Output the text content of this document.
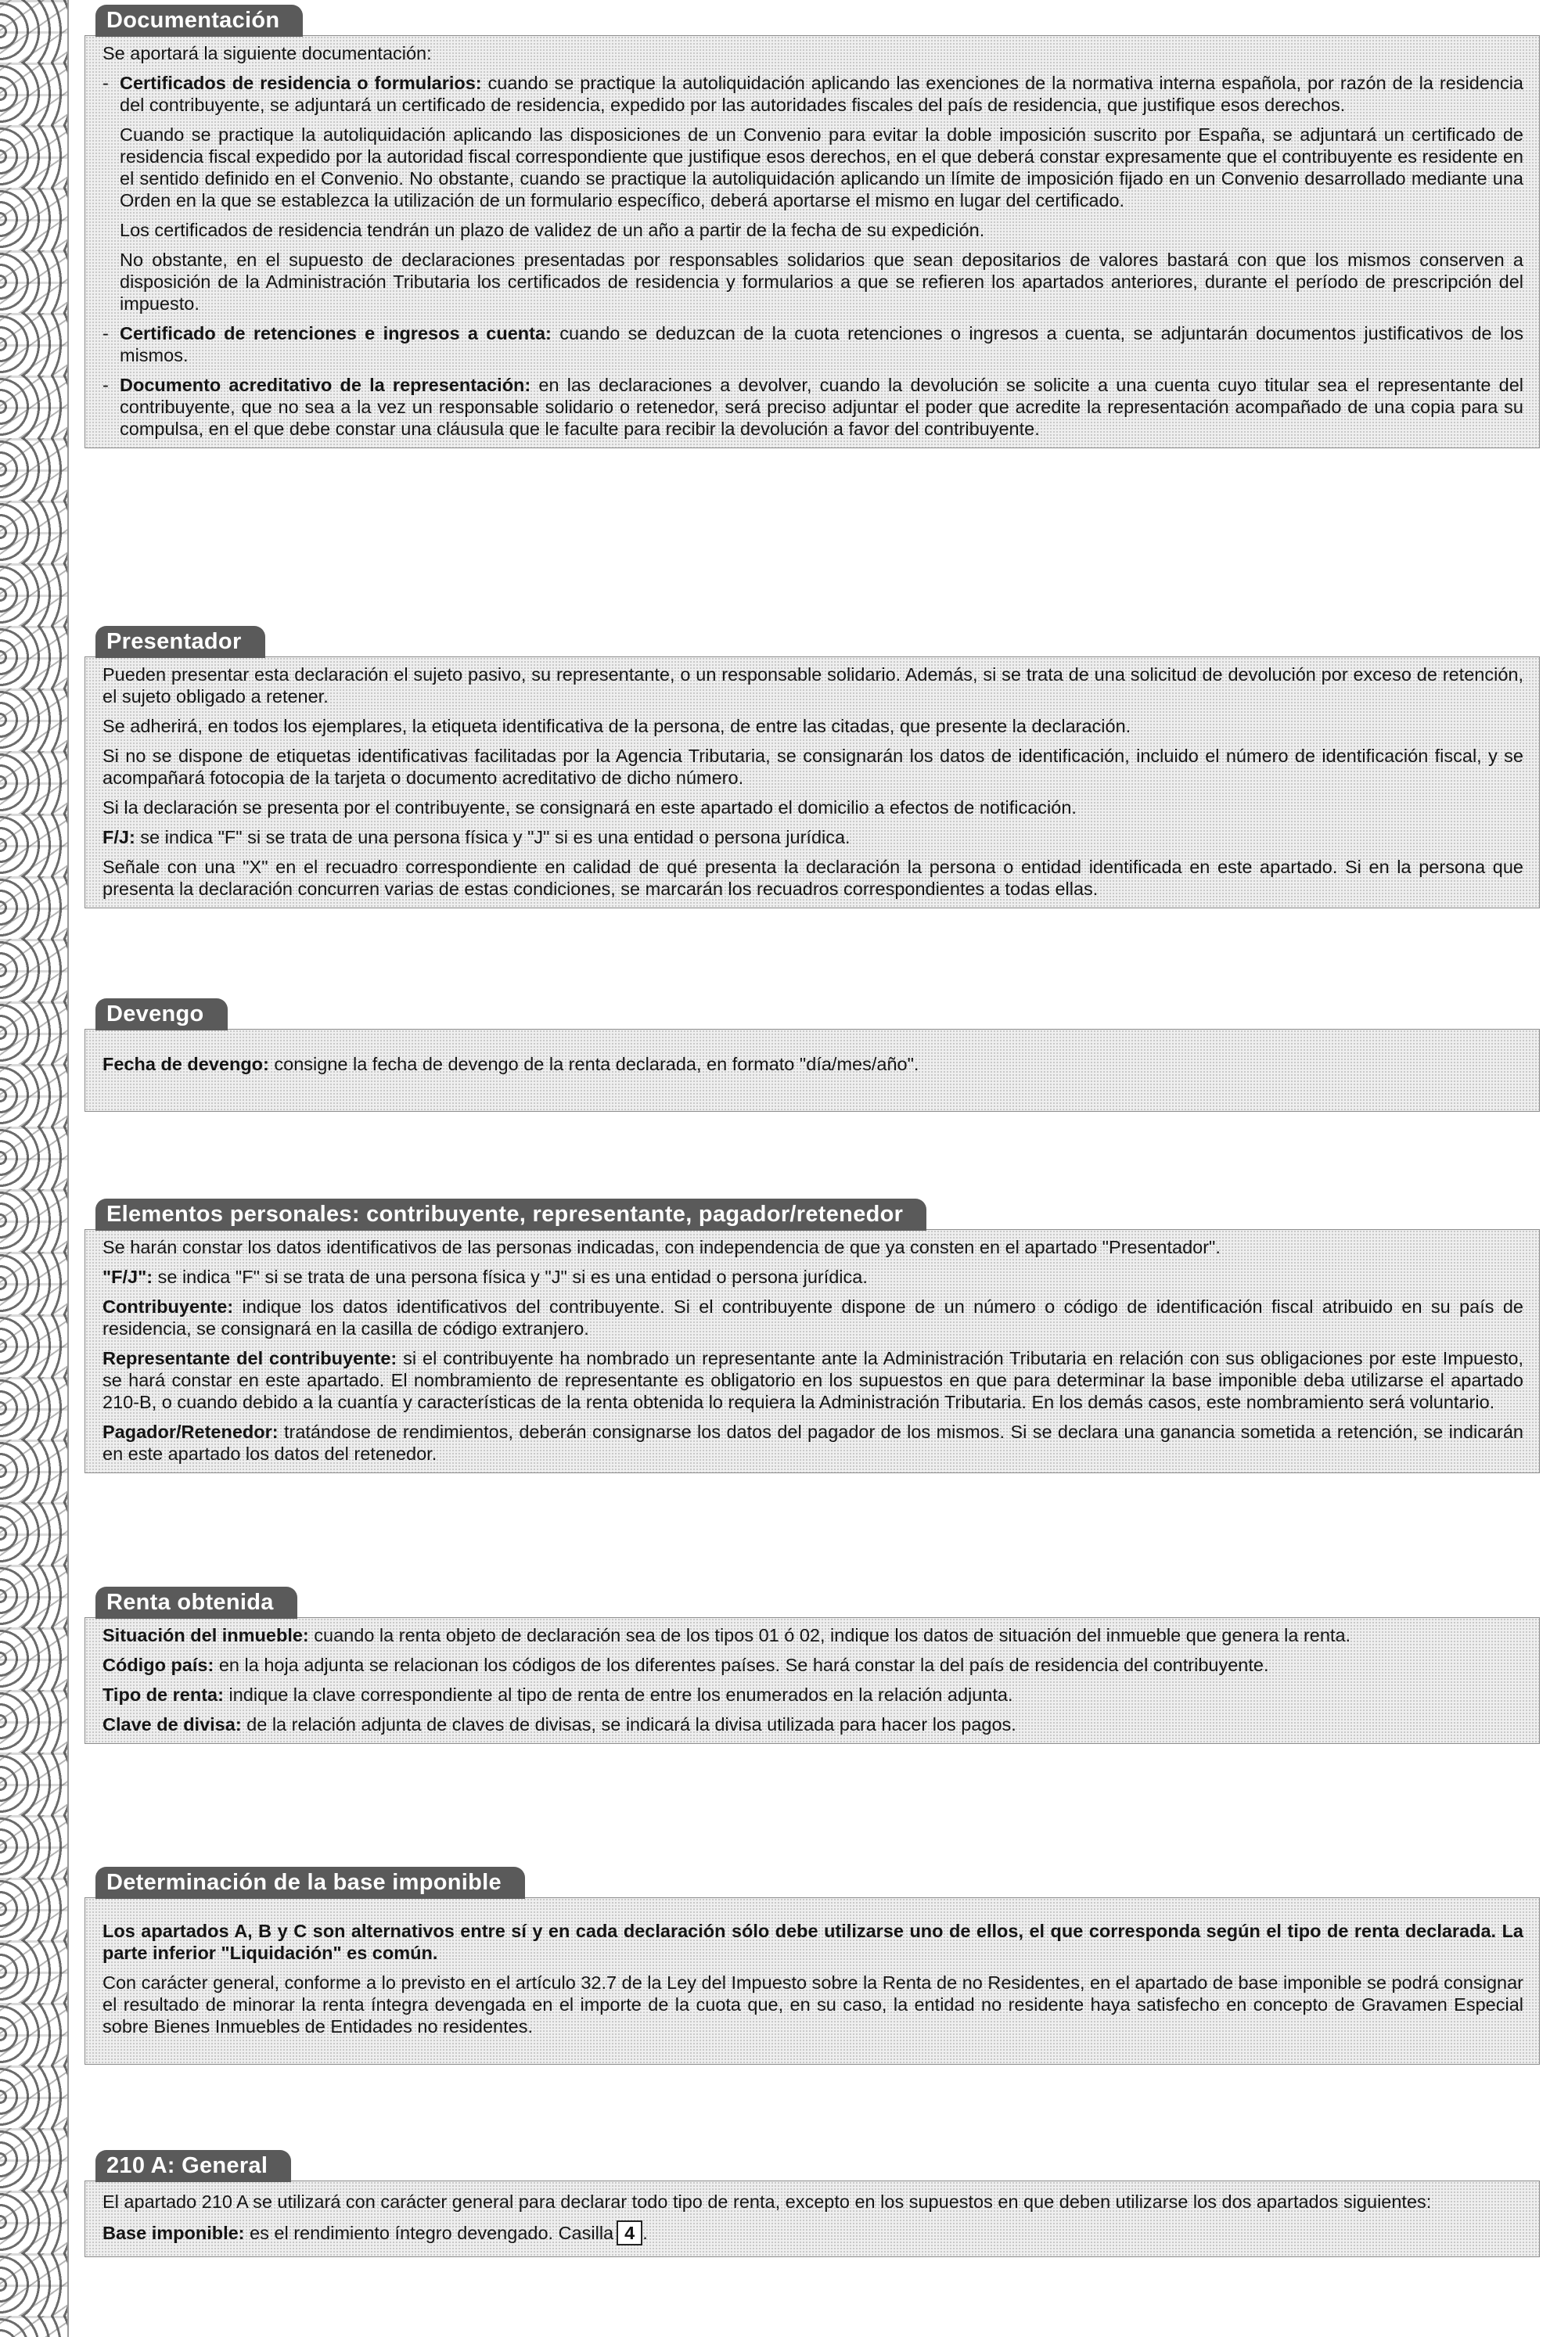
Documentación

Se aportará la siguiente documentación:

- Certificados de residencia o formularios: cuando se practique la autoliquidación aplicando las exenciones de la normativa interna española, por razón de la residencia del contribuyente, se adjuntará un certificado de residencia, expedido por las autoridades fiscales del país de residencia, que justifique esos derechos.

Cuando se practique la autoliquidación aplicando las disposiciones de un Convenio para evitar la doble imposición suscrito por España, se adjuntará un certificado de residencia fiscal expedido por la autoridad fiscal correspondiente que justifique esos derechos, en el que deberá constar expresamente que el contribuyente es residente en el sentido definido en el Convenio. No obstante, cuando se practique la autoliquidación aplicando un límite de imposición fijado en un Convenio desarrollado mediante una Orden en la que se establezca la utilización de un formulario específico, deberá aportarse el mismo en lugar del certificado.

Los certificados de residencia tendrán un plazo de validez de un año a partir de la fecha de su expedición.

No obstante, en el supuesto de declaraciones presentadas por responsables solidarios que sean depositarios de valores bastará con que los mismos conserven a disposición de la Administración Tributaria los certificados de residencia y formularios a que se refieren los apartados anteriores, durante el período de prescripción del impuesto.

- Certificado de retenciones e ingresos a cuenta: cuando se deduzcan de la cuota retenciones o ingresos a cuenta, se adjuntarán documentos justificativos de los mismos.

- Documento acreditativo de la representación: en las declaraciones a devolver, cuando la devolución se solicite a una cuenta cuyo titular sea el representante del contribuyente, que no sea a la vez un responsable solidario o retenedor, será preciso adjuntar el poder que acredite la representación acompañado de una copia para su compulsa, en el que debe constar una cláusula que le faculte para recibir la devolución a favor del contribuyente.

Presentador

Pueden presentar esta declaración el sujeto pasivo, su representante, o un responsable solidario. Además, si se trata de una solicitud de devolución por exceso de retención, el sujeto obligado a retener.

Se adherirá, en todos los ejemplares, la etiqueta identificativa de la persona, de entre las citadas, que presente la declaración.

Si no se dispone de etiquetas identificativas facilitadas por la Agencia Tributaria, se consignarán los datos de identificación, incluido el número de identificación fiscal, y se acompañará fotocopia de la tarjeta o documento acreditativo de dicho número.

Si la declaración se presenta por el contribuyente, se consignará en este apartado el domicilio a efectos de notificación.

F/J: se indica "F" si se trata de una persona física y "J" si es una entidad o persona jurídica.

Señale con una "X" en el recuadro correspondiente en calidad de qué presenta la declaración la persona o entidad identificada en este apartado. Si en la persona que presenta la declaración concurren varias de estas condiciones, se marcarán los recuadros correspondientes a todas ellas.

Devengo

Fecha de devengo: consigne la fecha de devengo de la renta declarada, en formato "día/mes/año".

Elementos personales: contribuyente, representante, pagador/retenedor

Se harán constar los datos identificativos de las personas indicadas, con independencia de que ya consten en el apartado "Presentador".

"F/J": se indica "F" si se trata de una persona física y "J" si es una entidad o persona jurídica.

Contribuyente: indique los datos identificativos del contribuyente. Si el contribuyente dispone de un número o código de identificación fiscal atribuido en su país de residencia, se consignará en la casilla de código extranjero.

Representante del contribuyente: si el contribuyente ha nombrado un representante ante la Administración Tributaria en relación con sus obligaciones por este Impuesto, se hará constar en este apartado. El nombramiento de representante es obligatorio en los supuestos en que para determinar la base imponible deba utilizarse el apartado 210-B, o cuando debido a la cuantía y características de la renta obtenida lo requiera la Administración Tributaria. En los demás casos, este nombramiento será voluntario.

Pagador/Retenedor: tratándose de rendimientos, deberán consignarse los datos del pagador de los mismos. Si se declara una ganancia sometida a retención, se indicarán en este apartado los datos del retenedor.

Renta obtenida

Situación del inmueble: cuando la renta objeto de declaración sea de los tipos 01 ó 02, indique los datos de situación del inmueble que genera la renta.

Código país: en la hoja adjunta se relacionan los códigos de los diferentes países. Se hará constar la del país de residencia del contribuyente.

Tipo de renta: indique la clave correspondiente al tipo de renta de entre los enumerados en la relación adjunta.

Clave de divisa: de la relación adjunta de claves de divisas, se indicará la divisa utilizada para hacer los pagos.

Determinación de la base imponible

Los apartados A, B y C son alternativos entre sí y en cada declaración sólo debe utilizarse uno de ellos, el que corresponda según el tipo de renta declarada. La parte inferior "Liquidación" es común.

Con carácter general, conforme a lo previsto en el artículo 32.7 de la Ley del Impuesto sobre la Renta de no Residentes, en el apartado de base imponible se podrá consignar el resultado de minorar la renta íntegra devengada en el importe de la cuota que, en su caso, la entidad no residente haya satisfecho en concepto de Gravamen Especial sobre Bienes Inmuebles de Entidades no residentes.

210 A: General

El apartado 210 A se utilizará con carácter general para declarar todo tipo de renta, excepto en los supuestos en que deben utilizarse los dos apartados siguientes:

Base imponible: es el rendimiento íntegro devengado. Casilla 4 .
